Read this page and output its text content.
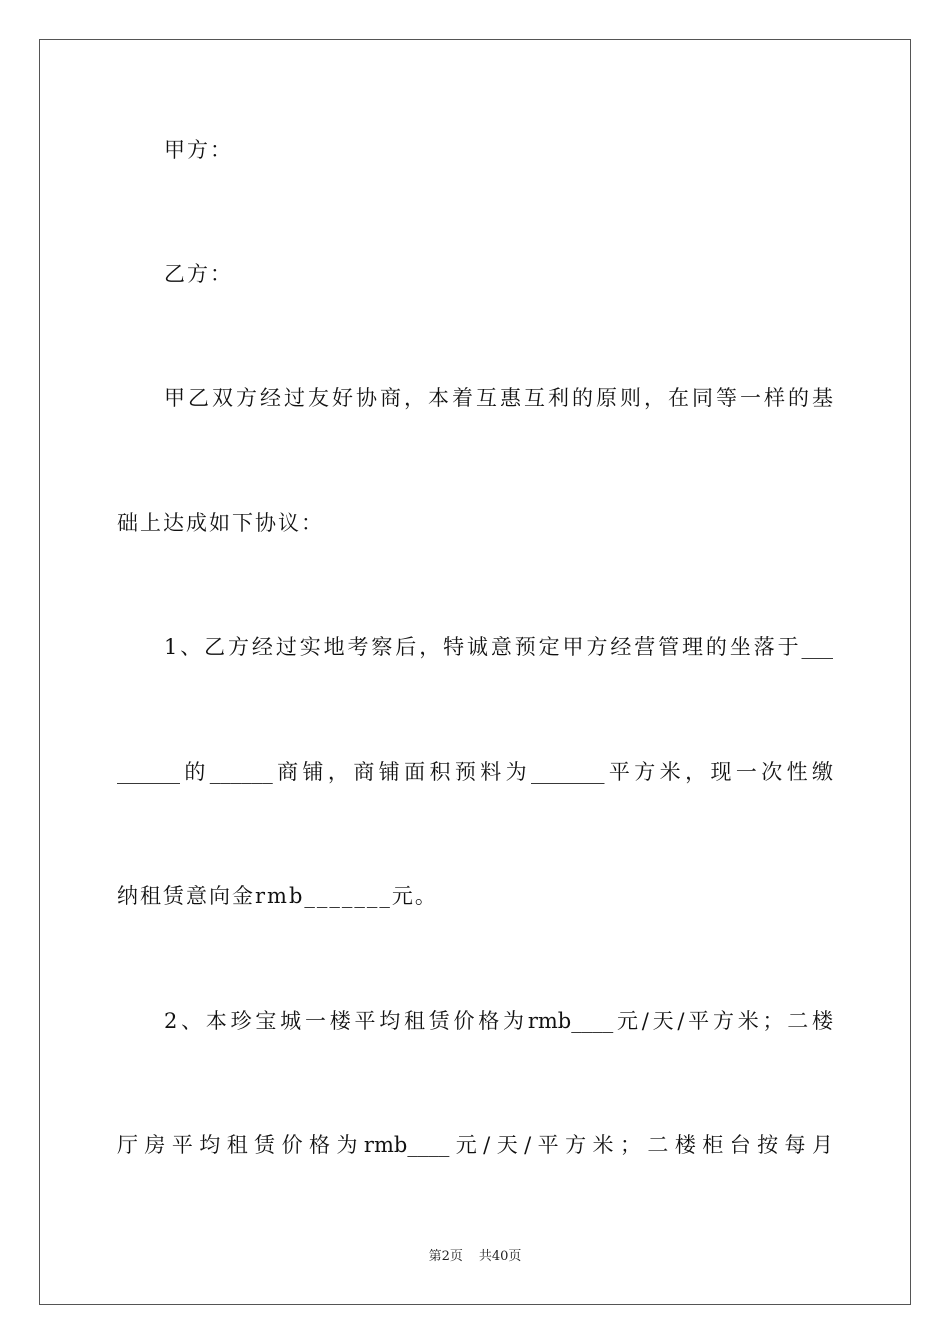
甲方：
乙方：
甲乙双方经过友好协商，本着互惠互利的原则，在同等一样的基
础上达成如下协议：
1、乙方经过实地考察后，特诚意预定甲方经营管理的坐落于___
______的______商铺，商铺面积预料为_______平方米，现一次性缴
纳租赁意向金rmb_______元。
2、本珍宝城一楼平均租赁价格为rmb____元/天/平方米；二楼
厅房平均租赁价格为rmb____元/天/平方米；二楼柜台按每月
第2页 共40页
